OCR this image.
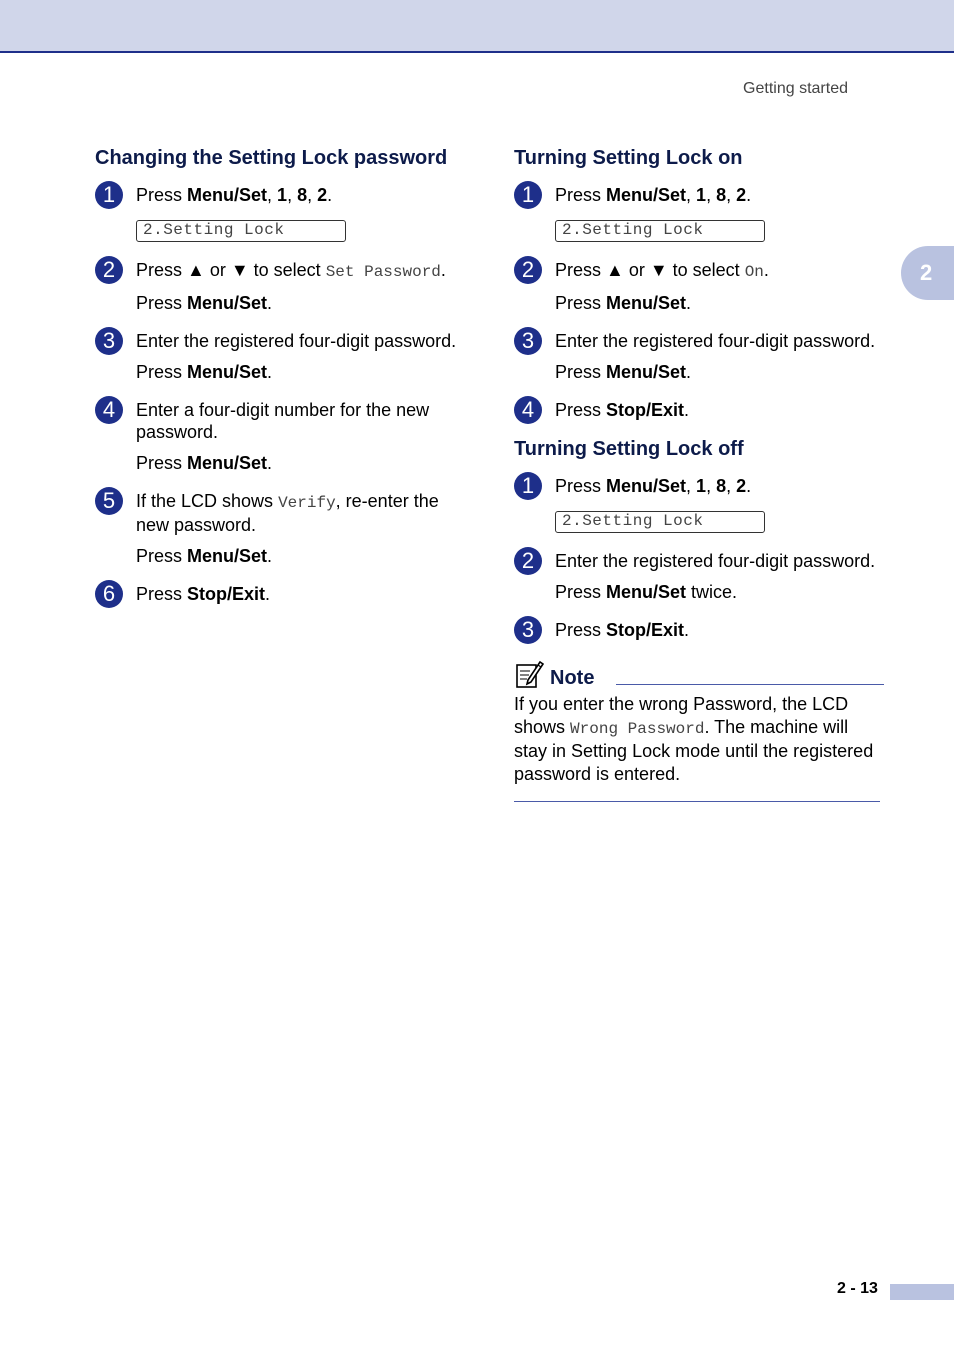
Getting started
2
Changing the Setting Lock password
1	Press Menu/Set, 1, 8, 2.

2.Setting Lock
2	Press ▲ or ▼ to select Set Password.

Press Menu/Set.

3	Enter the registered four-digit password.

Press Menu/Set.

4	Enter a four-digit number for the new password.

Press Menu/Set.

5	If the LCD shows Verify, re-enter the new password.

Press Menu/Set.

6	Press Stop/Exit.

Turning Setting Lock on
1	Press Menu/Set, 1, 8, 2.

2.Setting Lock
2	Press ▲ or ▼ to select On.

Press Menu/Set.

3	Enter the registered four-digit password.

Press Menu/Set.

4	Press Stop/Exit.

Turning Setting Lock off
1	Press Menu/Set, 1, 8, 2.

2.Setting Lock
2	Enter the registered four-digit password.

Press Menu/Set twice.

3	Press Stop/Exit.

Note

If you enter the wrong Password, the LCD shows Wrong Password. The machine will stay in Setting Lock mode until the registered password is entered.

2 - 13
